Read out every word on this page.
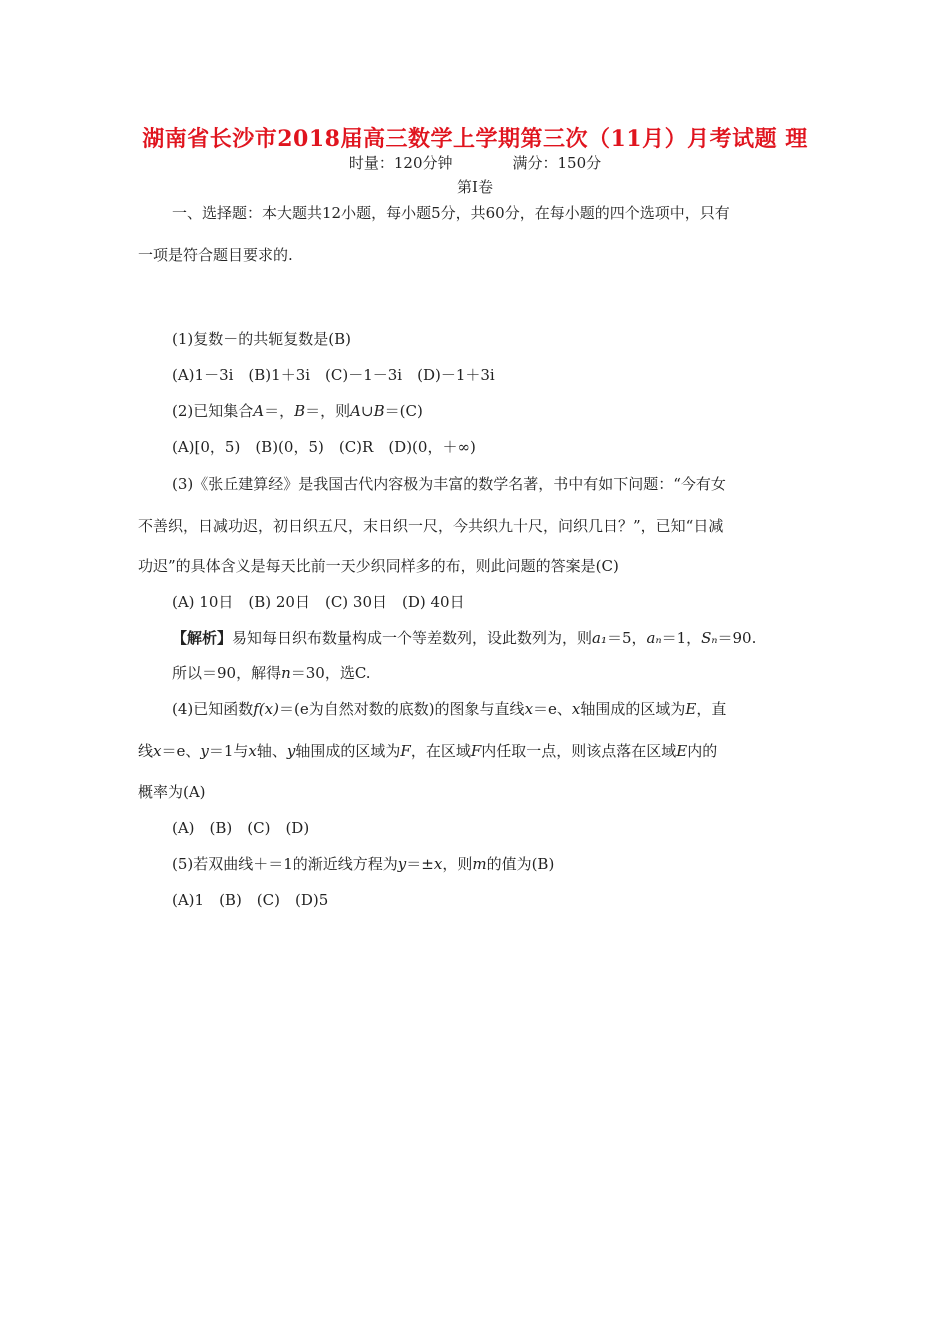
湖南省长沙市2018届高三数学上学期第三次（11月）月考试题 理
时量：120分钟	满分：150分
第Ⅰ卷
一、选择题：本大题共12小题，每小题5分，共60分，在每小题的四个选项中，只有
一项是符合题目要求的.
(1)复数－的共轭复数是(B)
(A)1－3i　(B)1＋3i　(C)－1－3i　(D)－1＋3i
(2)已知集合A＝，B＝，则A∪B＝(C)
(A)[0，5)　(B)(0，5)　(C)R　(D)(0，＋∞)
(3)《张丘建算经》是我国古代内容极为丰富的数学名著，书中有如下问题：“今有女
不善织，日减功迟，初日织五尺，末日织一尺，今共织九十尺，问织几日？”，已知“日减
功迟”的具体含义是每天比前一天少织同样多的布，则此问题的答案是(C)
(A) 10日　(B) 20日　(C) 30日　(D) 40日
【解析】易知每日织布数量构成一个等差数列，设此数列为，则a₁＝5，aₙ＝1，Sₙ＝90.
所以＝90，解得n＝30，选C.
(4)已知函数f(x)＝(e为自然对数的底数)的图象与直线x＝e、x轴围成的区域为E，直
线x＝e、y＝1与x轴、y轴围成的区域为F，在区域F内任取一点，则该点落在区域E内的
概率为(A)
(A)　(B)　(C)　(D)
(5)若双曲线＋＝1的渐近线方程为y＝±x，则m的值为(B)
(A)1　(B)　(C)　(D)5
